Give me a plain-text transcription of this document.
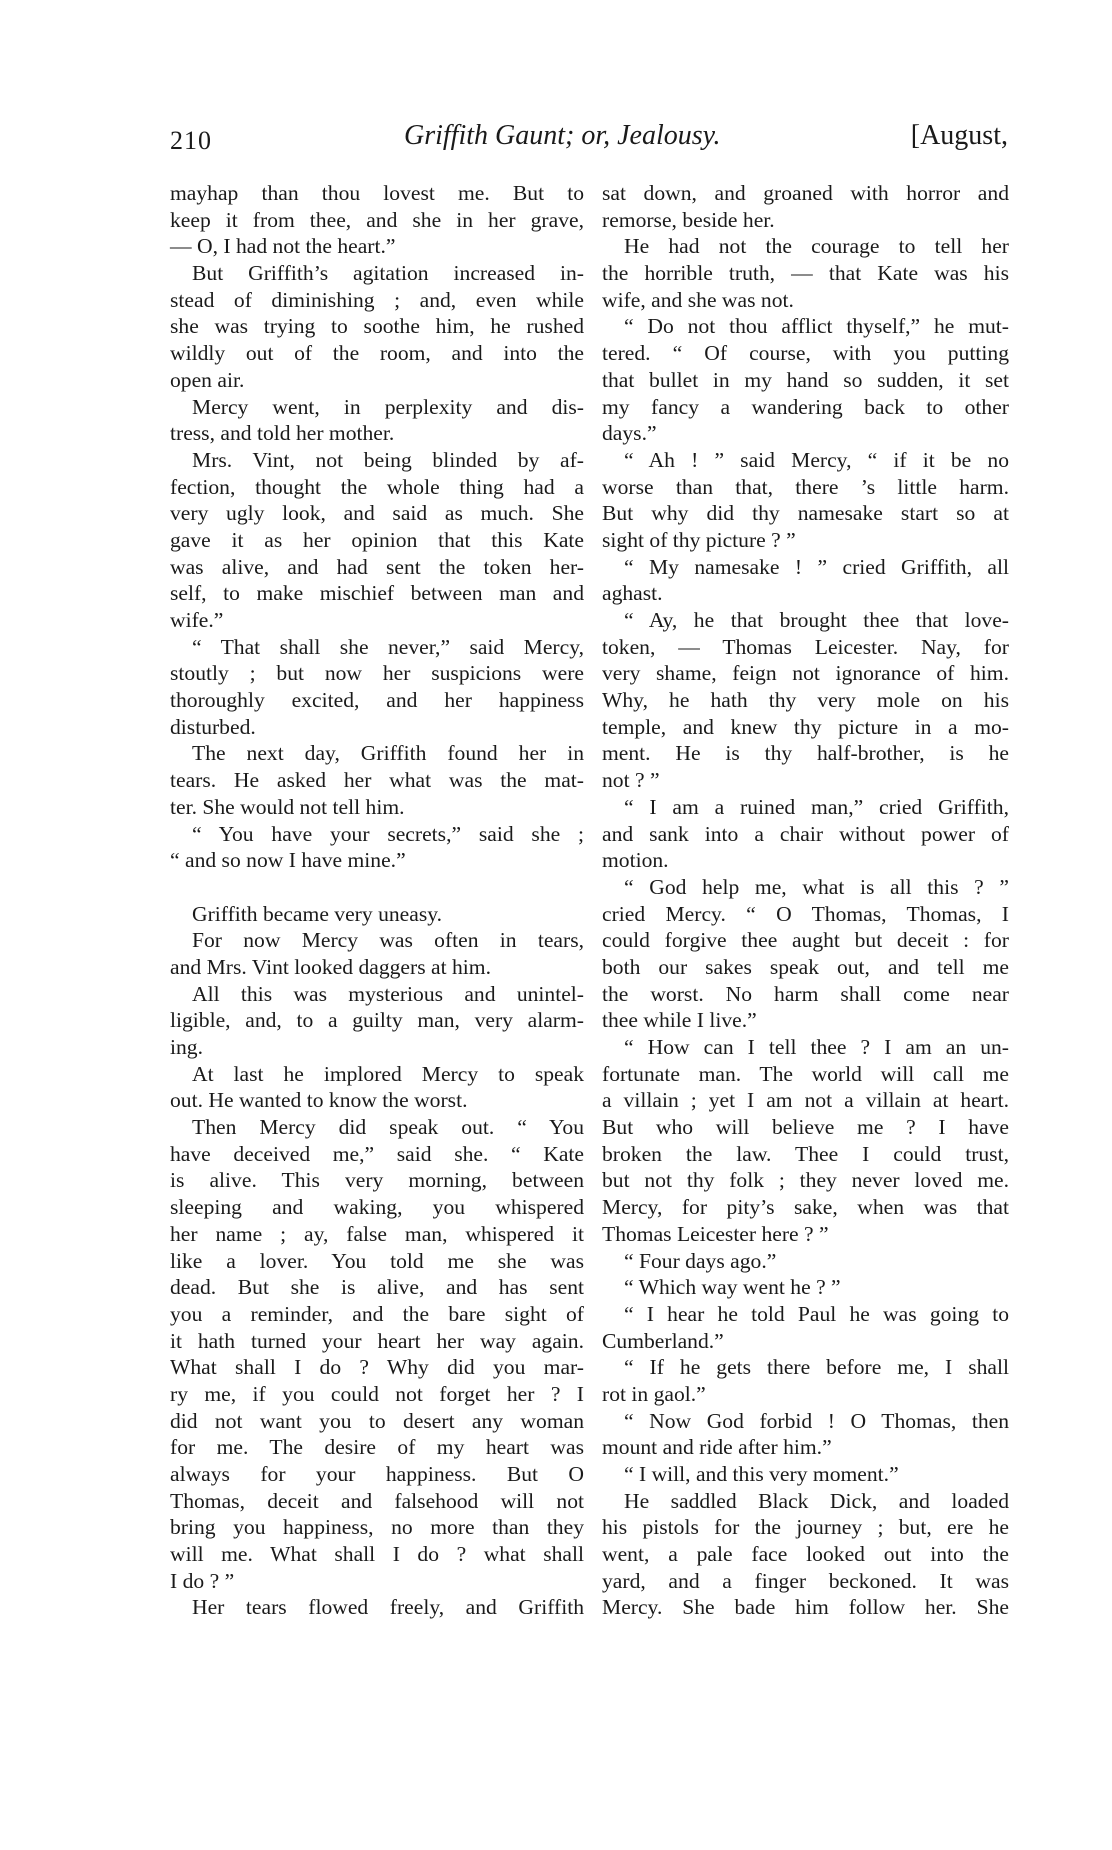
210	Griffith Gaunt; or, Jealousy.	[August,
mayhap than thou lovest me. But to
keep it from thee, and she in her grave,
— O, I had not the heart.”
But Griffith’s agitation increased in-
stead of diminishing ; and, even while
she was trying to soothe him, he rushed
wildly out of the room, and into the
open air.
Mercy went, in perplexity and dis-
tress, and told her mother.
Mrs. Vint, not being blinded by af-
fection, thought the whole thing had a
very ugly look, and said as much. She
gave it as her opinion that this Kate
was alive, and had sent the token her-
self, to make mischief between man and
wife.”
“ That shall she never,” said Mercy,
stoutly ; but now her suspicions were
thoroughly excited, and her happiness
disturbed.
The next day, Griffith found her in
tears. He asked her what was the mat-
ter. She would not tell him.
“ You have your secrets,” said she ;
“ and so now I have mine.”
Griffith became very uneasy.
For now Mercy was often in tears,
and Mrs. Vint looked daggers at him.
All this was mysterious and unintel-
ligible, and, to a guilty man, very alarm-
ing.
At last he implored Mercy to speak
out. He wanted to know the worst.
Then Mercy did speak out. “ You
have deceived me,” said she. “ Kate
is alive. This very morning, between
sleeping and waking, you whispered
her name ; ay, false man, whispered it
like a lover. You told me she was
dead. But she is alive, and has sent
you a reminder, and the bare sight of
it hath turned your heart her way again.
What shall I do ? Why did you mar-
ry me, if you could not forget her ? I
did not want you to desert any woman
for me. The desire of my heart was
always for your happiness. But O
Thomas, deceit and falsehood will not
bring you happiness, no more than they
will me. What shall I do ? what shall
I do ? ”
Her tears flowed freely, and Griffith
sat down, and groaned with horror and
remorse, beside her.
He had not the courage to tell her
the horrible truth, — that Kate was his
wife, and she was not.
“ Do not thou afflict thyself,” he mut-
tered. “ Of course, with you putting
that bullet in my hand so sudden, it set
my fancy a wandering back to other
days.”
“ Ah ! ” said Mercy, “ if it be no
worse than that, there ’s little harm.
But why did thy namesake start so at
sight of thy picture ? ”
“ My namesake ! ” cried Griffith, all
aghast.
“ Ay, he that brought thee that love-
token, — Thomas Leicester. Nay, for
very shame, feign not ignorance of him.
Why, he hath thy very mole on his
temple, and knew thy picture in a mo-
ment. He is thy half-brother, is he
not ? ”
“ I am a ruined man,” cried Griffith,
and sank into a chair without power of
motion.
“ God help me, what is all this ? ”
cried Mercy. “ O Thomas, Thomas, I
could forgive thee aught but deceit : for
both our sakes speak out, and tell me
the worst. No harm shall come near
thee while I live.”
“ How can I tell thee ? I am an un-
fortunate man. The world will call me
a villain ; yet I am not a villain at heart.
But who will believe me ? I have
broken the law. Thee I could trust,
but not thy folk ; they never loved me.
Mercy, for pity’s sake, when was that
Thomas Leicester here ? ”
“ Four days ago.”
“ Which way went he ? ”
“ I hear he told Paul he was going to
Cumberland.”
“ If he gets there before me, I shall
rot in gaol.”
“ Now God forbid ! O Thomas, then
mount and ride after him.”
“ I will, and this very moment.”
He saddled Black Dick, and loaded
his pistols for the journey ; but, ere he
went, a pale face looked out into the
yard, and a finger beckoned. It was
Mercy. She bade him follow her. She
